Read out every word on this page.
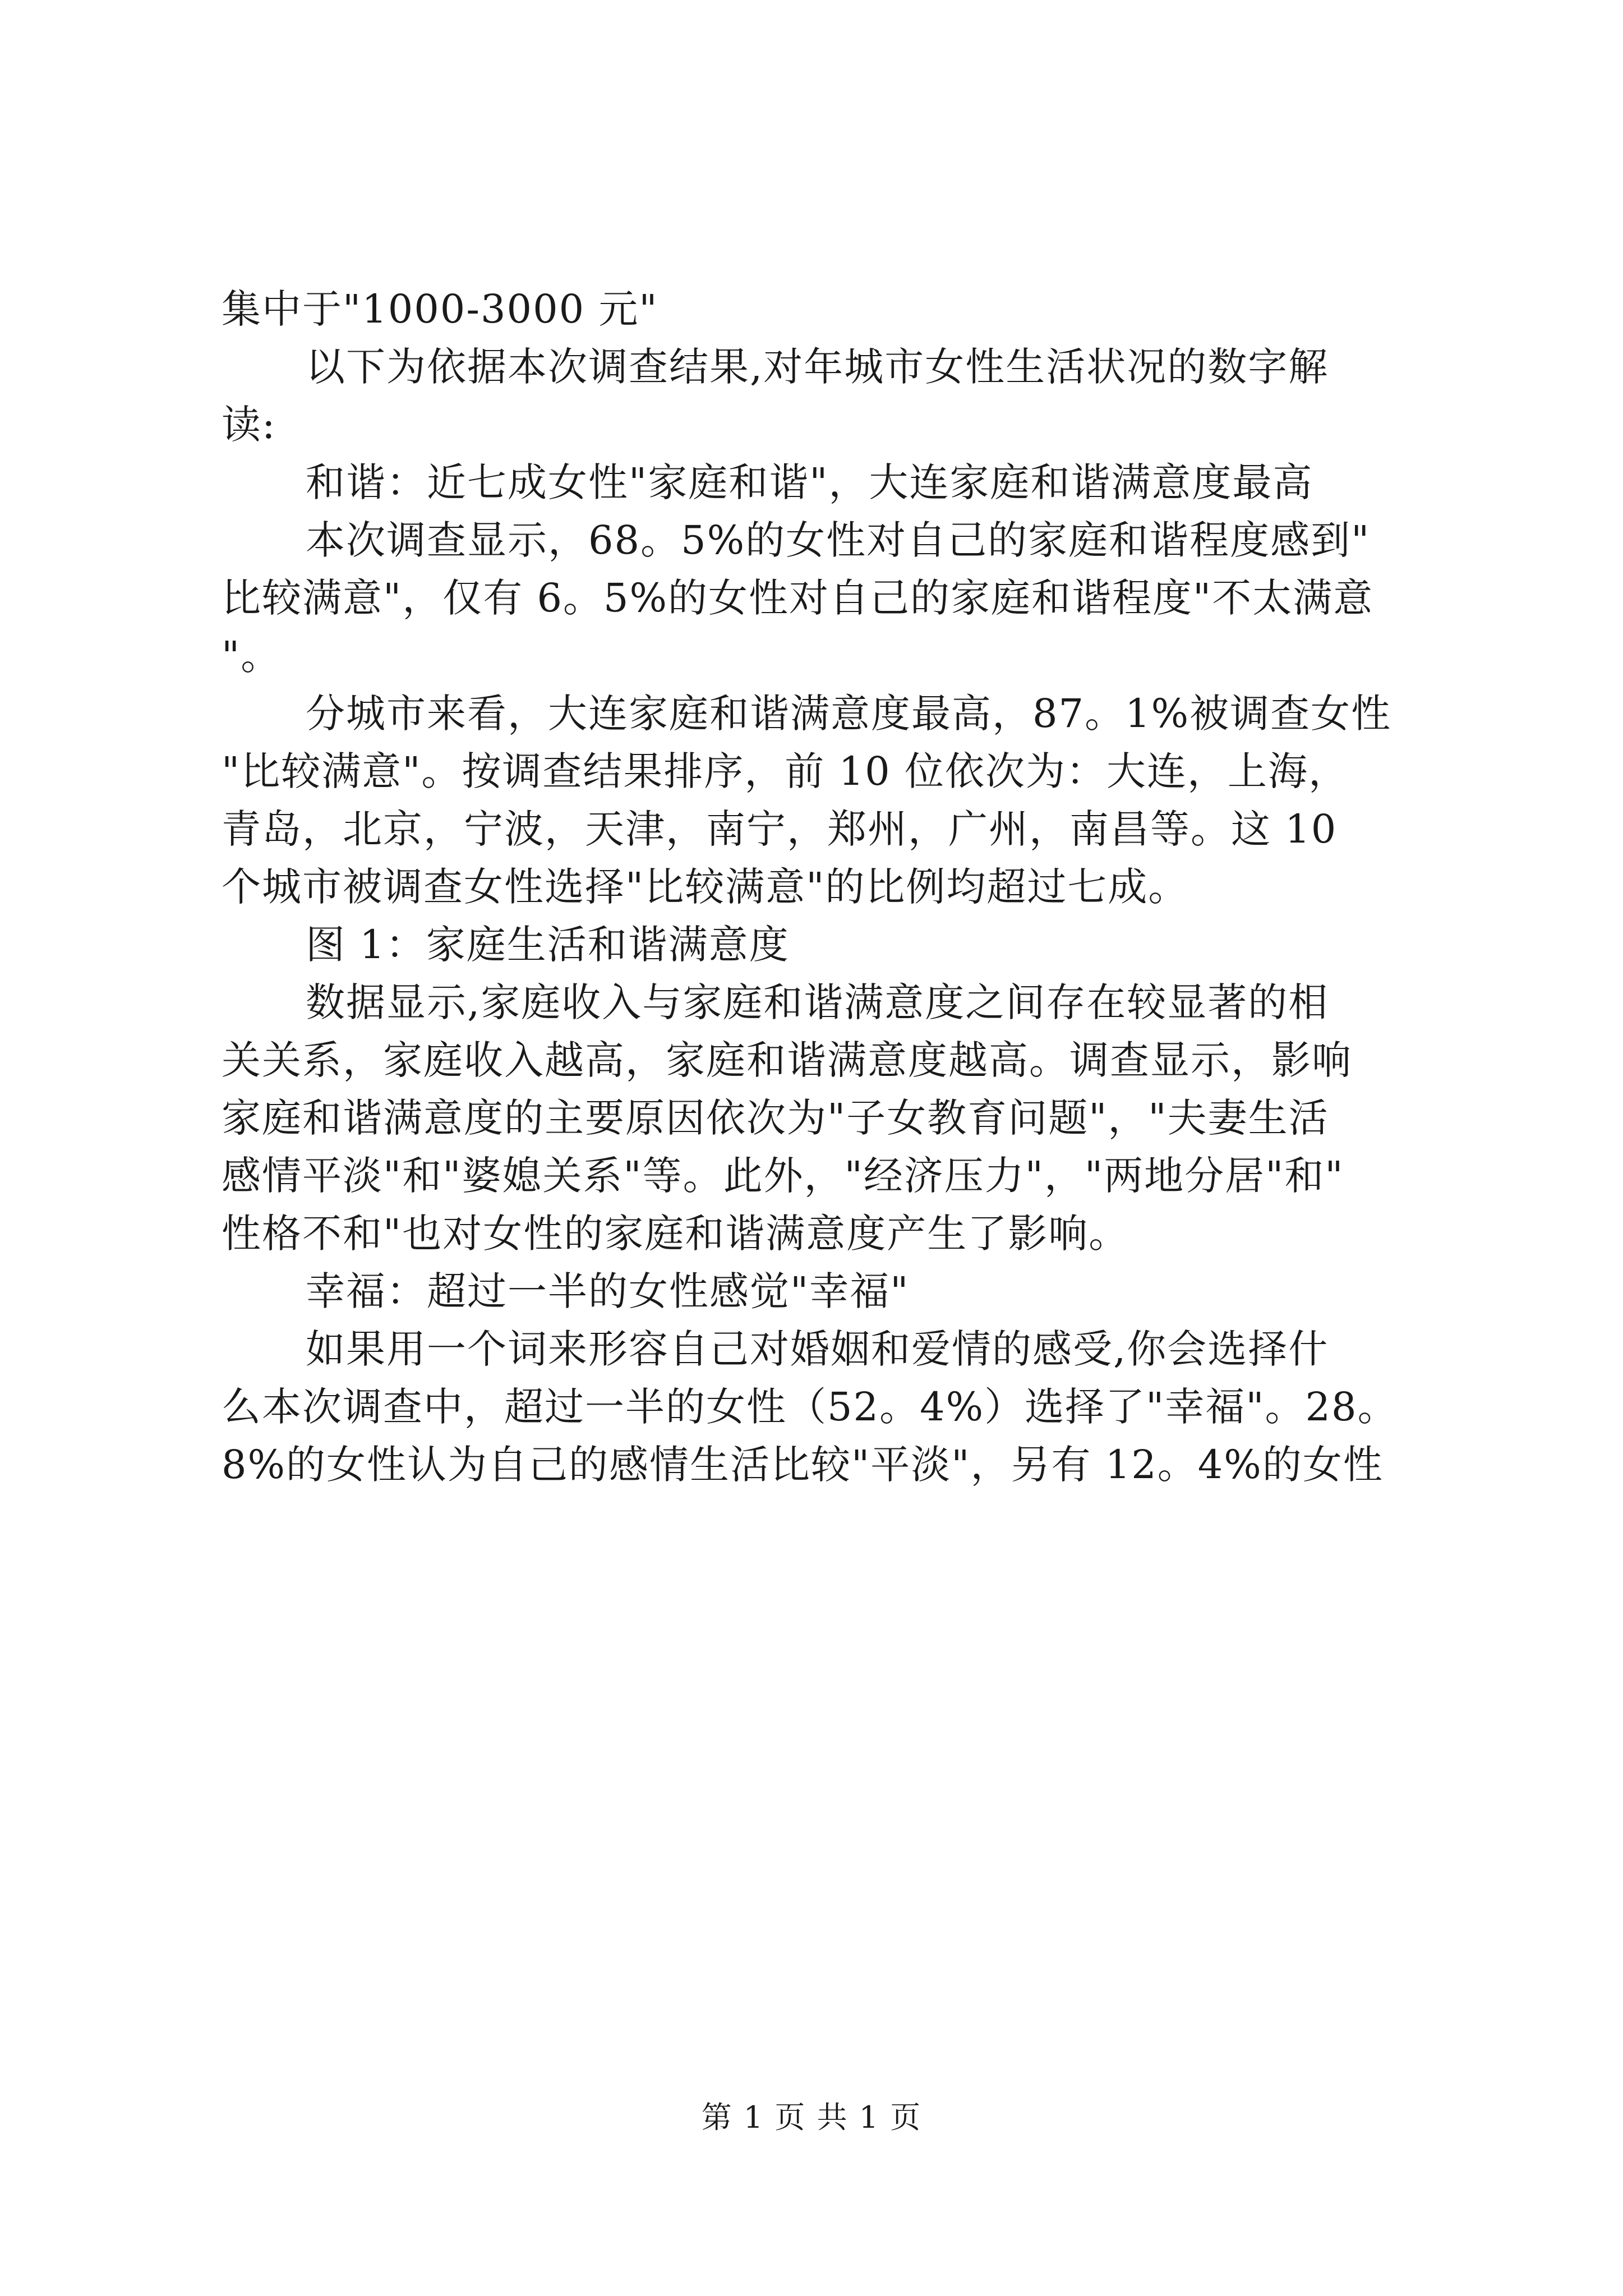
集中于"1000-3000 元"
以下为依据本次调查结果,对年城市女性生活状况的数字解
读:
和谐：近七成女性"家庭和谐"，大连家庭和谐满意度最高
本次调查显示，68。5%的女性对自己的家庭和谐程度感到"
比较满意"，仅有 6。5%的女性对自己的家庭和谐程度"不太满意
"。
分城市来看，大连家庭和谐满意度最高，87。1%被调查女性
"比较满意"。按调查结果排序，前 10 位依次为：大连，上海，
青岛，北京，宁波，天津，南宁，郑州，广州，南昌等。这 10
个城市被调查女性选择"比较满意"的比例均超过七成。
图 1：家庭生活和谐满意度
数据显示,家庭收入与家庭和谐满意度之间存在较显著的相
关关系，家庭收入越高，家庭和谐满意度越高。调查显示，影响
家庭和谐满意度的主要原因依次为"子女教育问题"，"夫妻生活
感情平淡"和"婆媳关系"等。此外，"经济压力"，"两地分居"和"
性格不和"也对女性的家庭和谐满意度产生了影响。
幸福：超过一半的女性感觉"幸福"
如果用一个词来形容自己对婚姻和爱情的感受,你会选择什
么本次调查中，超过一半的女性（52。4%）选择了"幸福"。28。
8%的女性认为自己的感情生活比较"平淡"，另有 12。4%的女性
第 1 页 共 1 页
